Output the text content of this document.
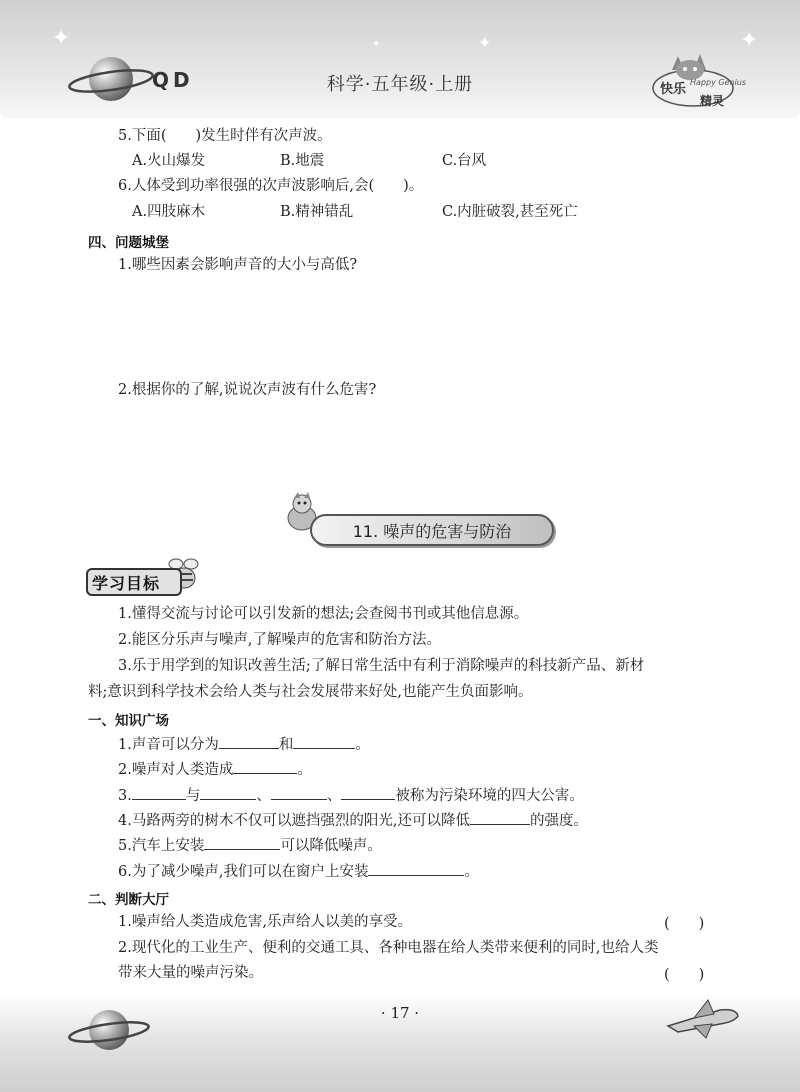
✦	✦	✦
✦
QD	科学·五年级·上册	快乐 Happy Genius
精灵
5.下面(　　)发生时伴有次声波。
A.火山爆发	B.地震	C.台风
6.人体受到功率很强的次声波影响后,会(　　)。
A.四肢麻木	B.精神错乱	C.内脏破裂,甚至死亡
四、问题城堡
1.哪些因素会影响声音的大小与高低?
2.根据你的了解,说说次声波有什么危害?
11. 噪声的危害与防治
学习目标
1.懂得交流与讨论可以引发新的想法;会查阅书刊或其他信息源。
2.能区分乐声与噪声,了解噪声的危害和防治方法。
3.乐于用学到的知识改善生活;了解日常生活中有利于消除噪声的科技新产品、新材
料;意识到科学技术会给人类与社会发展带来好处,也能产生负面影响。
一、知识广场
1.声音可以分为	和	。
2.噪声对人类造成	。
3.	与	、	、	被称为污染环境的四大公害。
4.马路两旁的树木不仅可以遮挡强烈的阳光,还可以降低	的强度。
5.汽车上安装	可以降低噪声。
6.为了减少噪声,我们可以在窗户上安装	。
二、判断大厅
1.噪声给人类造成危害,乐声给人以美的享受。	(　　)
2.现代化的工业生产、便利的交通工具、各种电器在给人类带来便利的同时,也给人类
带来大量的噪声污染。	(　　)
· 17 ·
